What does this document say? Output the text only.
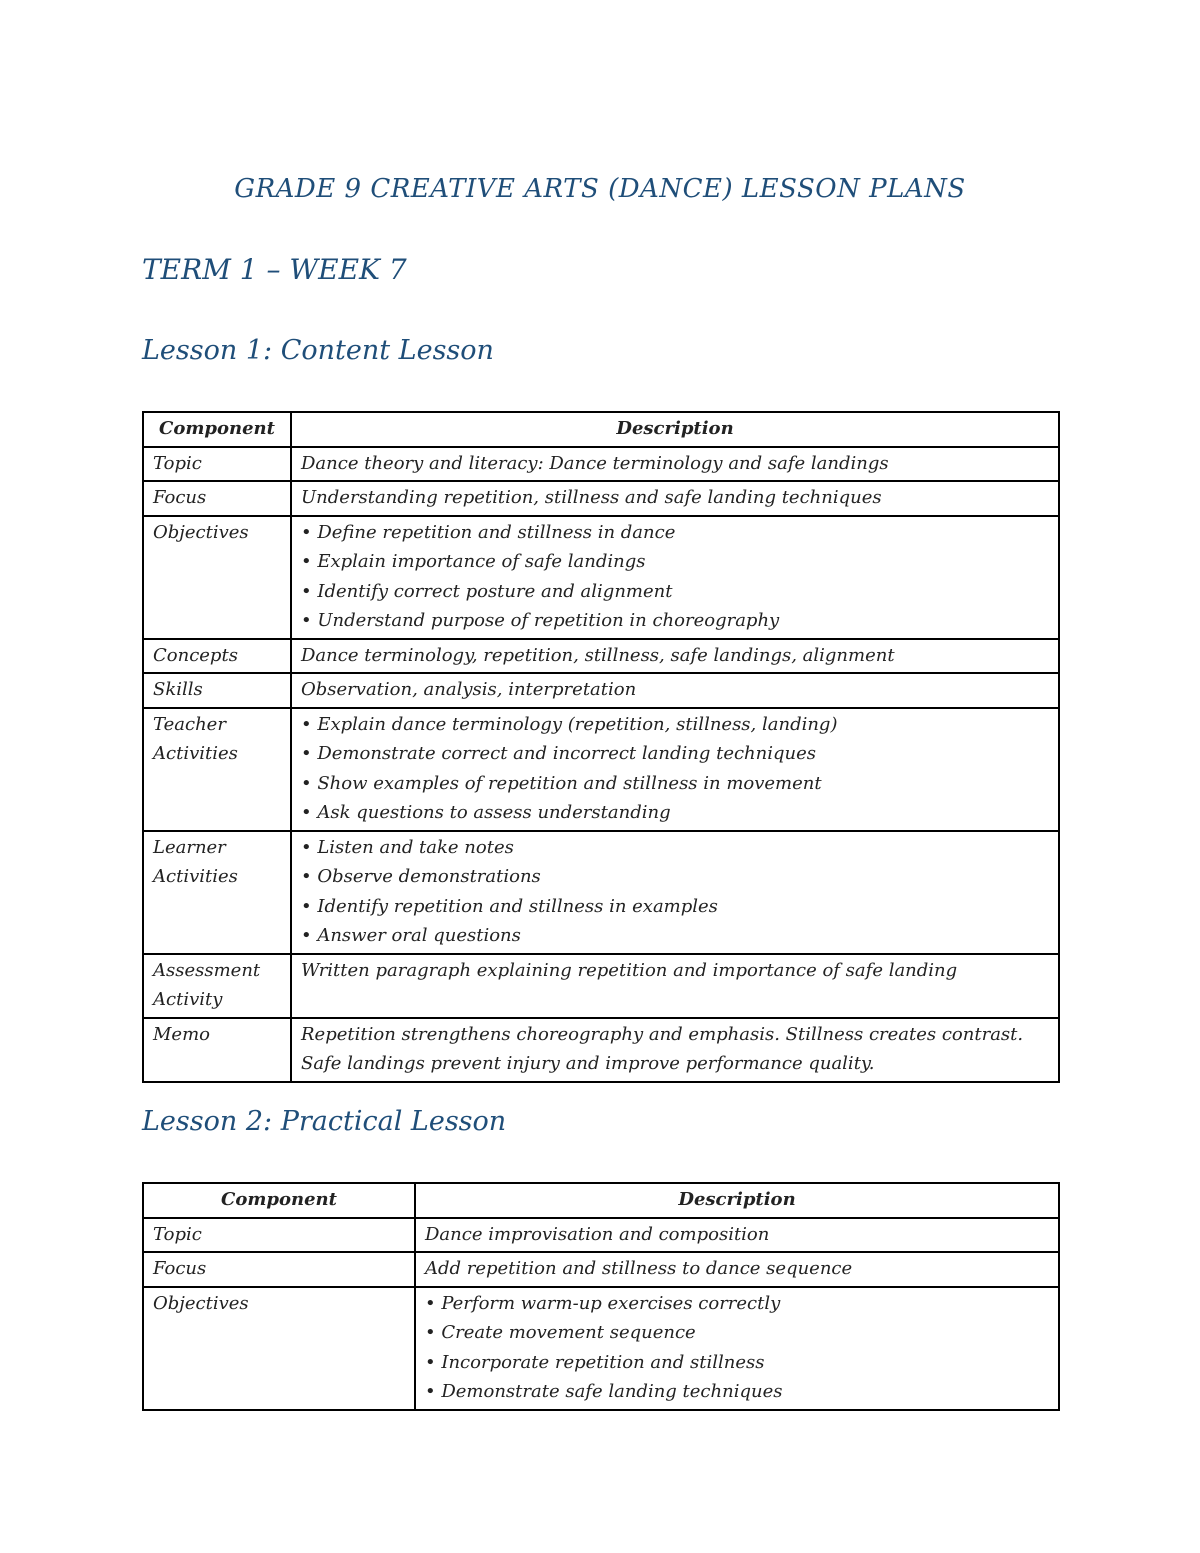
GRADE 9 CREATIVE ARTS (DANCE) LESSON PLANS
TERM 1 – WEEK 7
Lesson 1: Content Lesson
Component	Description
Topic	Dance theory and literacy: Dance terminology and safe landings
Focus	Understanding repetition, stillness and safe landing techniques
Objectives	• Define repetition and stillness in dance
• Explain importance of safe landings
• Identify correct posture and alignment
• Understand purpose of repetition in choreography

Concepts	Dance terminology, repetition, stillness, safe landings, alignment
Skills	Observation, analysis, interpretation
Teacher Activities	• Explain dance terminology (repetition, stillness, landing)
• Demonstrate correct and incorrect landing techniques
• Show examples of repetition and stillness in movement
• Ask questions to assess understanding

Learner Activities	• Listen and take notes
• Observe demonstrations
• Identify repetition and stillness in examples
• Answer oral questions

Assessment Activity	Written paragraph explaining repetition and importance of safe landing
Memo	Repetition strengthens choreography and emphasis. Stillness creates contrast. Safe landings prevent injury and improve performance quality.
Lesson 2: Practical Lesson
Component	Description
Topic	Dance improvisation and composition
Focus	Add repetition and stillness to dance sequence
Objectives	• Perform warm-up exercises correctly
• Create movement sequence
• Incorporate repetition and stillness
• Demonstrate safe landing techniques
